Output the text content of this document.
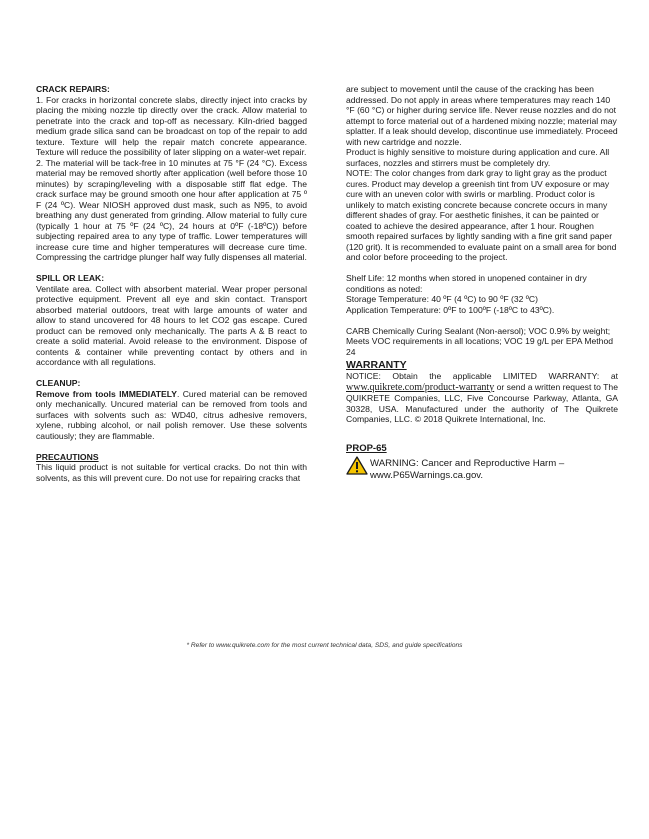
CRACK REPAIRS:

1. For cracks in horizontal concrete slabs, directly inject into cracks by placing the mixing nozzle tip directly over the crack. Allow material to penetrate into the crack and top-off as necessary. Kiln-dried bagged medium grade silica sand can be broadcast on top of the repair to add texture. Texture will help the repair match concrete appearance. Texture will reduce the possibility of later slipping on a water-wet repair.

2. The material will be tack-free in 10 minutes at 75 °F (24 °C). Excess material may be removed shortly after application (well before those 10 minutes) by scraping/leveling with a disposable stiff flat edge. The crack surface may be ground smooth one hour after application at 75 º F (24 ºC). Wear NIOSH approved dust mask, such as N95, to avoid breathing any dust generated from grinding. Allow material to fully cure (typically 1 hour at 75 ºF (24 ºC), 24 hours at 0ºF (-18ºC)) before subjecting repaired area to any type of traffic. Lower temperatures will increase cure time and higher temperatures will decrease cure time. Compressing the cartridge plunger half way fully dispenses all material.

SPILL OR LEAK:

Ventilate area. Collect with absorbent material. Wear proper personal protective equipment. Prevent all eye and skin contact. Transport absorbed material outdoors, treat with large amounts of water and allow to stand uncovered for 48 hours to let CO2 gas escape. Cured product can be removed only mechanically. The parts A & B react to create a solid material. Avoid release to the environment. Dispose of contents & container while preventing contact by others and in accordance with all regulations.

CLEANUP:

Remove from tools IMMEDIATELY. Cured material can be removed only mechanically. Uncured material can be removed from tools and surfaces with solvents such as: WD40, citrus adhesive removers, xylene, rubbing alcohol, or nail polish remover. Use these solvents cautiously; they are flammable.

PRECAUTIONS

This liquid product is not suitable for vertical cracks. Do not thin with solvents, as this will prevent cure. Do not use for repairing cracks that

are subject to movement until the cause of the cracking has been addressed. Do not apply in areas where temperatures may reach 140 °F (60 °C) or higher during service life. Never reuse nozzles and do not attempt to force material out of a hardened mixing nozzle; material may splatter. If a leak should develop, discontinue use immediately. Proceed with new cartridge and nozzle.

Product is highly sensitive to moisture during application and cure. All surfaces, nozzles and stirrers must be completely dry.

NOTE: The color changes from dark gray to light gray as the product cures. Product may develop a greenish tint from UV exposure or may cure with an uneven color with swirls or marbling. Product color is unlikely to match existing concrete because concrete occurs in many different shades of gray. For aesthetic finishes, it can be painted or coated to achieve the desired appearance, after 1 hour. Roughen smooth repaired surfaces by lightly sanding with a fine grit sand paper (120 grit). It is recommended to evaluate paint on a small area for bond and color before proceeding to the project.

Shelf Life: 12 months when stored in unopened container in dry conditions as noted:

Storage Temperature: 40 ºF (4 ºC) to 90 ºF (32 ºC)

Application Temperature: 0ºF to 100ºF (-18ºC to 43ºC).

CARB Chemically Curing Sealant (Non-aersol); VOC 0.9% by weight; Meets VOC requirements in all locations; VOC 19 g/L per EPA Method 24

WARRANTY

NOTICE: Obtain the applicable LIMITED WARRANTY: at www.quikrete.com/product-warranty or send a written request to The QUIKRETE Companies, LLC, Five Concourse Parkway, Atlanta, GA 30328, USA. Manufactured under the authority of The Quikrete Companies, LLC. © 2018 Quikrete International, Inc.

PROP-65

WARNING: Cancer and Reproductive Harm –
www.P65Warnings.ca.gov.
* Refer to www.quikrete.com for the most current technical data, SDS, and guide specifications
